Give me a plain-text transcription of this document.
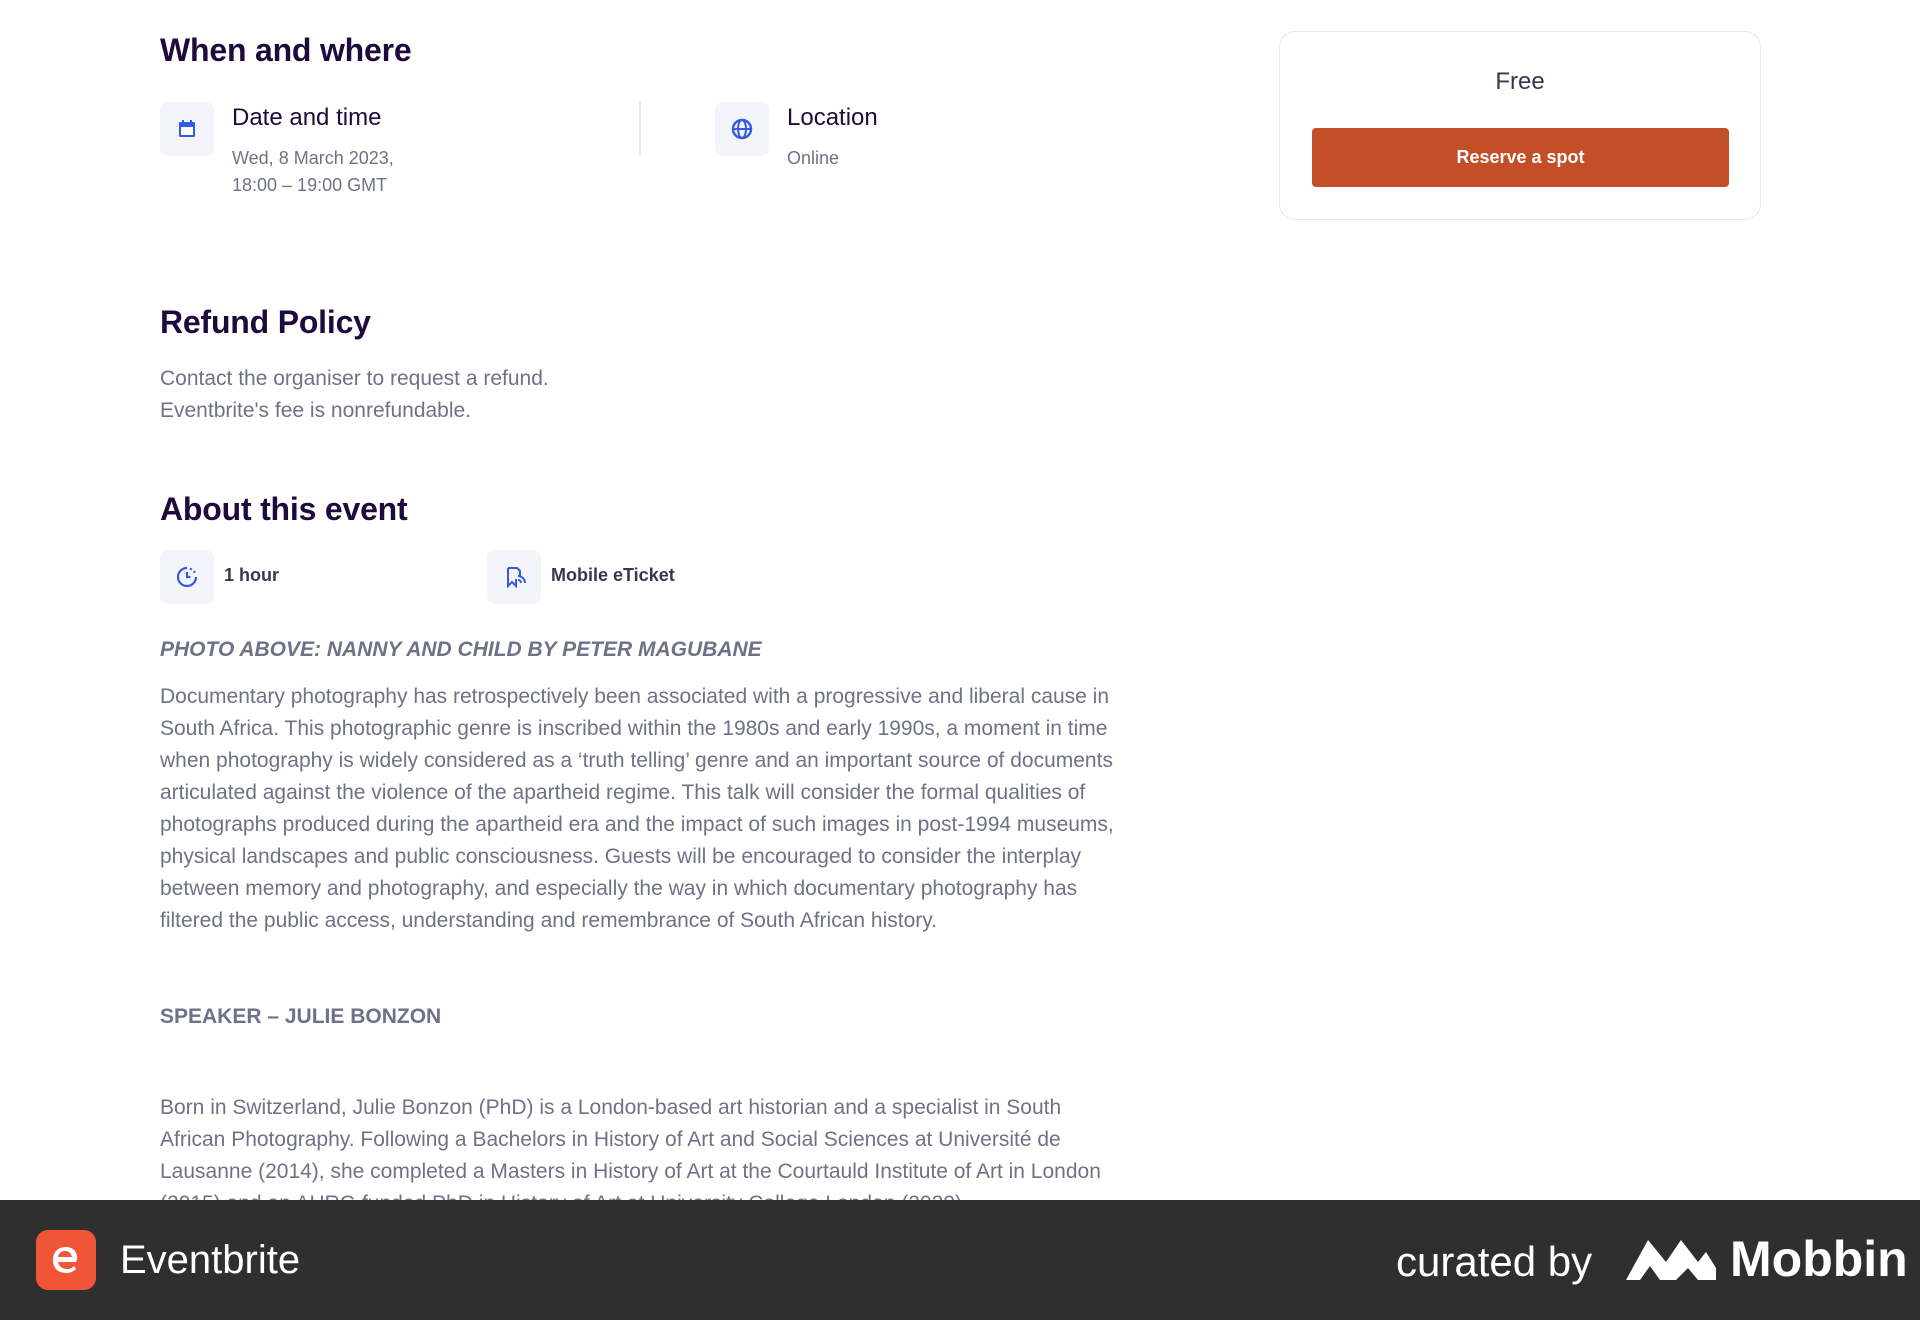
When and where
Date and time
Wed, 8 March 2023,
18:00 – 19:00 GMT
Location
Online
Free
Reserve a spot
Refund Policy
Contact the organiser to request a refund.
Eventbrite's fee is nonrefundable.
About this event
1 hour	Mobile eTicket
PHOTO ABOVE: NANNY AND CHILD BY PETER MAGUBANE
Documentary photography has retrospectively been associated with a progressive and liberal cause in South Africa. This photographic genre is inscribed within the 1980s and early 1990s, a moment in time when photography is widely considered as a ‘truth telling’ genre and an important source of documents articulated against the violence of the apartheid regime. This talk will consider the formal qualities of photographs produced during the apartheid era and the impact of such images in post-1994 museums, physical landscapes and public consciousness. Guests will be encouraged to consider the interplay between memory and photography, and especially the way in which documentary photography has filtered the public access, understanding and remembrance of South African history.
SPEAKER – JULIE BONZON
Born in Switzerland, Julie Bonzon (PhD) is a London-based art historian and a specialist in South African Photography. Following a Bachelors in History of Art and Social Sciences at Université de Lausanne (2014), she completed a Masters in History of Art at the Courtauld Institute of Art in London
Eventbrite	curated by	Mobbin
